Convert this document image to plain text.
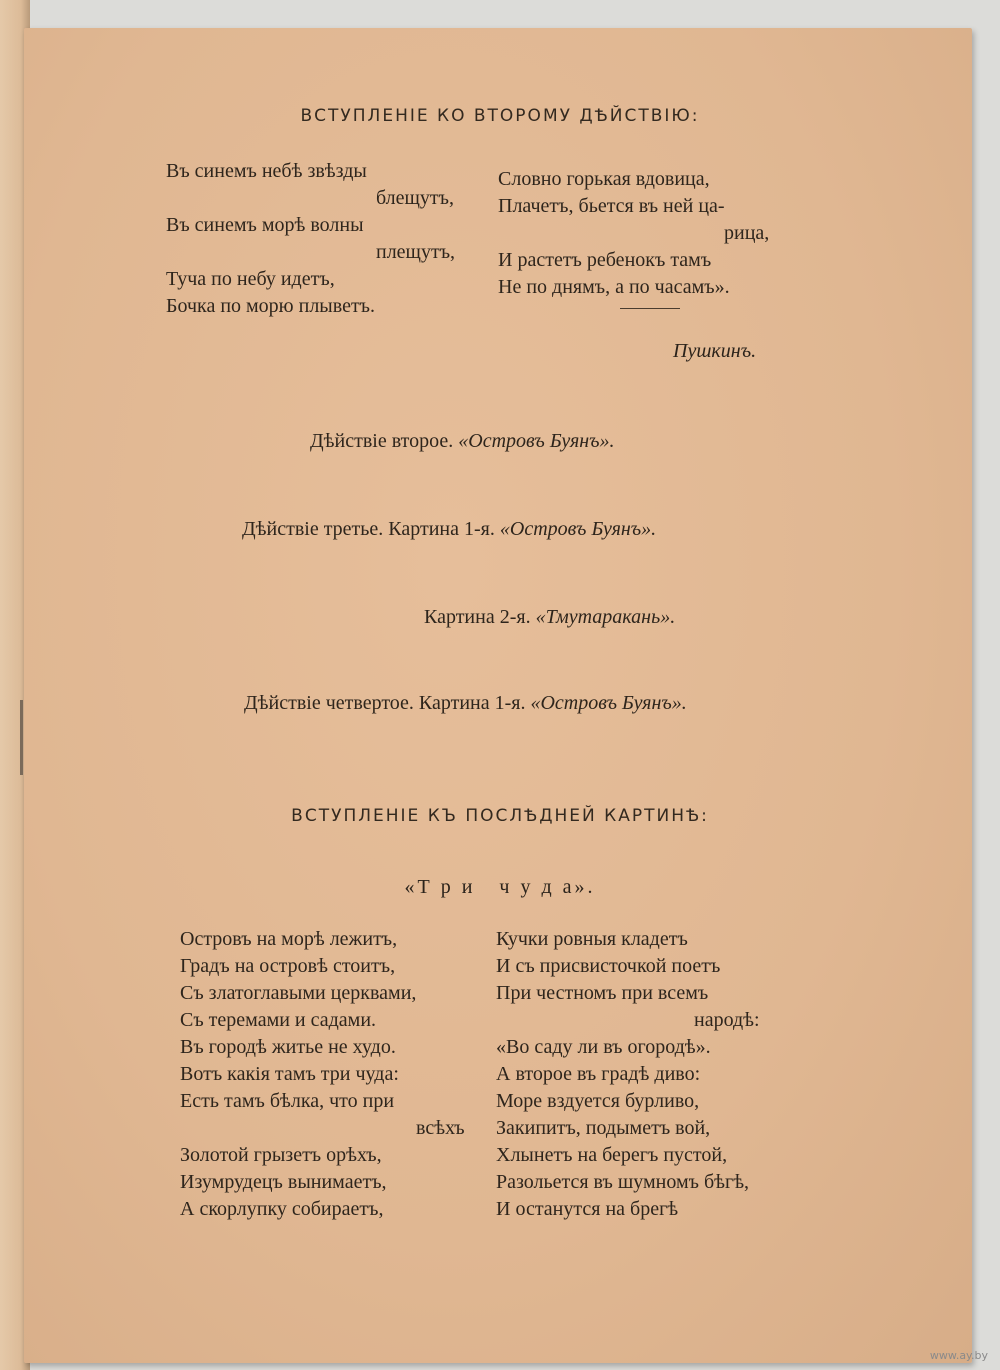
ВСТУПЛЕНІЕ КО ВТОРОМУ ДѢЙСТВІЮ:
Въ синемъ небѣ звѣзды
блещутъ,
Въ синемъ морѣ волны
плещутъ,
Туча по небу идетъ,
Бочка по морю плыветъ.
Словно горькая вдовица,
Плачетъ, бьется въ ней ца-
рица,
И растетъ ребенокъ тамъ
Не по днямъ, а по часамъ».
Пушкинъ.
Дѣйствіе второе. «Островъ Буянъ».
Дѣйствіе третье. Картина 1-я. «Островъ Буянъ».
Картина 2-я. «Тмутаракань».
Дѣйствіе четвертое. Картина 1-я. «Островъ Буянъ».
ВСТУПЛЕНІЕ КЪ ПОСЛѢДНЕЙ КАРТИНѢ:
«Т р и   ч у д а».
Островъ на морѣ лежитъ,
Градъ на островѣ стоитъ,
Съ златоглавыми церквами,
Съ теремами и садами.
Въ городѣ житье не худо.
Вотъ какія тамъ три чуда:
Есть тамъ бѣлка, что при
всѣхъ
Золотой грызетъ орѣхъ,
Изумрудецъ вынимаетъ,
А скорлупку собираетъ,
Кучки ровныя кладетъ
И съ присвисточкой поетъ
При честномъ при всемъ
народѣ:
«Во саду ли въ огородѣ».
А второе въ градѣ диво:
Море вздуется бурливо,
Закипитъ, подыметъ вой,
Хлынетъ на берегъ пустой,
Разольется въ шумномъ бѣгѣ,
И останутся на брегѣ
www.ay.by
